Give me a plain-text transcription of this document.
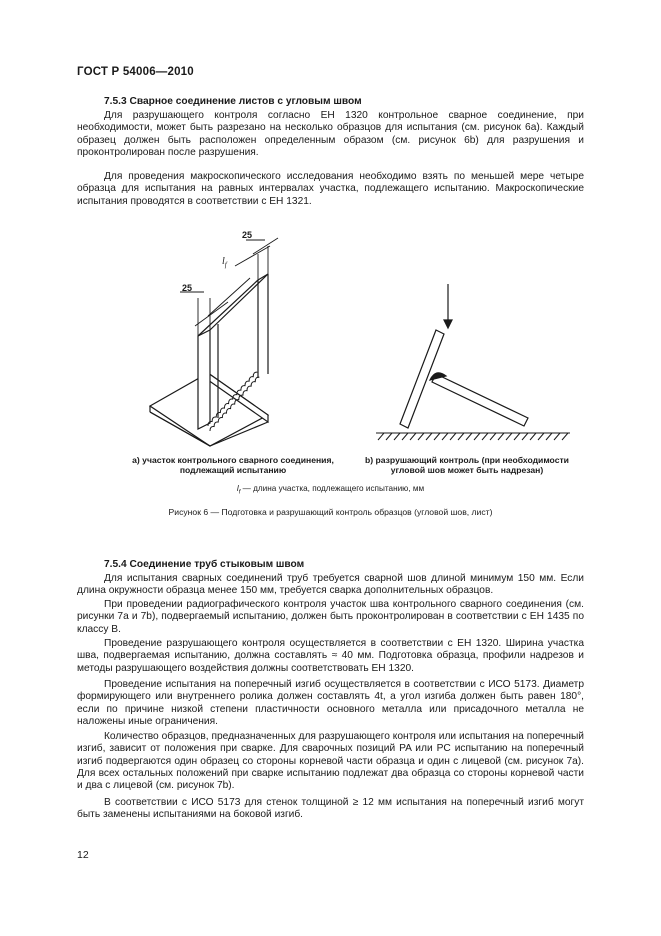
ГОСТ Р 54006—2010
7.5.3 Сварное соединение листов с угловым швом

Для разрушающего контроля согласно ЕН 1320 контрольное сварное соединение, при необходимости, может быть разрезано на несколько образцов для испытания (см. рисунок 6а). Каждый образец должен быть расположен определенным образом (см. рисунок 6b) для разрушения и проконтролирован после разрушения.

Для проведения макроскопического исследования необходимо взять по меньшей мере четыре образца для испытания на равных интервалах участка, подлежащего испытанию. Макроскопические испытания проводятся в соответствии с ЕН 1321.

25
25
$l_f$
а) участок контрольного сварного соединения,
подлежащий испытанию
b) разрушающий контроль (при необходимости
угловой шов может быть надрезан)
$l_f$ — длина участка, подлежащего испытанию, мм
Рисунок 6 — Подготовка и разрушающий контроль образцов (угловой шов, лист)
7.5.4 Соединение труб стыковым швом

Для испытания сварных соединений труб требуется сварной шов длиной минимум 150 мм. Если длина окружности образца менее 150 мм, требуется сварка дополнительных образцов.

При проведении радиографического контроля участок шва контрольного сварного соединения (см. рисунки 7а и 7b), подвергаемый испытанию, должен быть проконтролирован в соответствии с ЕН 1435 по классу В.

Проведение разрушающего контроля осуществляется в соответствии с ЕН 1320. Ширина участка шва, подвергаемая испытанию, должна составлять ≈ 40 мм. Подготовка образца, профили надрезов и методы разрушающего воздействия должны соответствовать ЕН 1320.

Проведение испытания на поперечный изгиб осуществляется в соответствии с ИСО 5173. Диаметр формирующего или внутреннего ролика должен составлять 4t, а угол изгиба должен быть равен 180°, если по причине низкой степени пластичности основного металла или присадочного металла не наложены иные ограничения.

Количество образцов, предназначенных для разрушающего контроля или испытания на поперечный изгиб, зависит от положения при сварке. Для сварочных позиций PA или PC испытанию на поперечный изгиб подвергаются один образец со стороны корневой части образца и один с лицевой (см. рисунок 7а). Для всех остальных положений при сварке испытанию подлежат два образца со стороны корневой части и два с лицевой (см. рисунок 7b).

В соответствии с ИСО 5173 для стенок толщиной ≥ 12 мм испытания на поперечный изгиб могут быть заменены испытаниями на боковой изгиб.

12
